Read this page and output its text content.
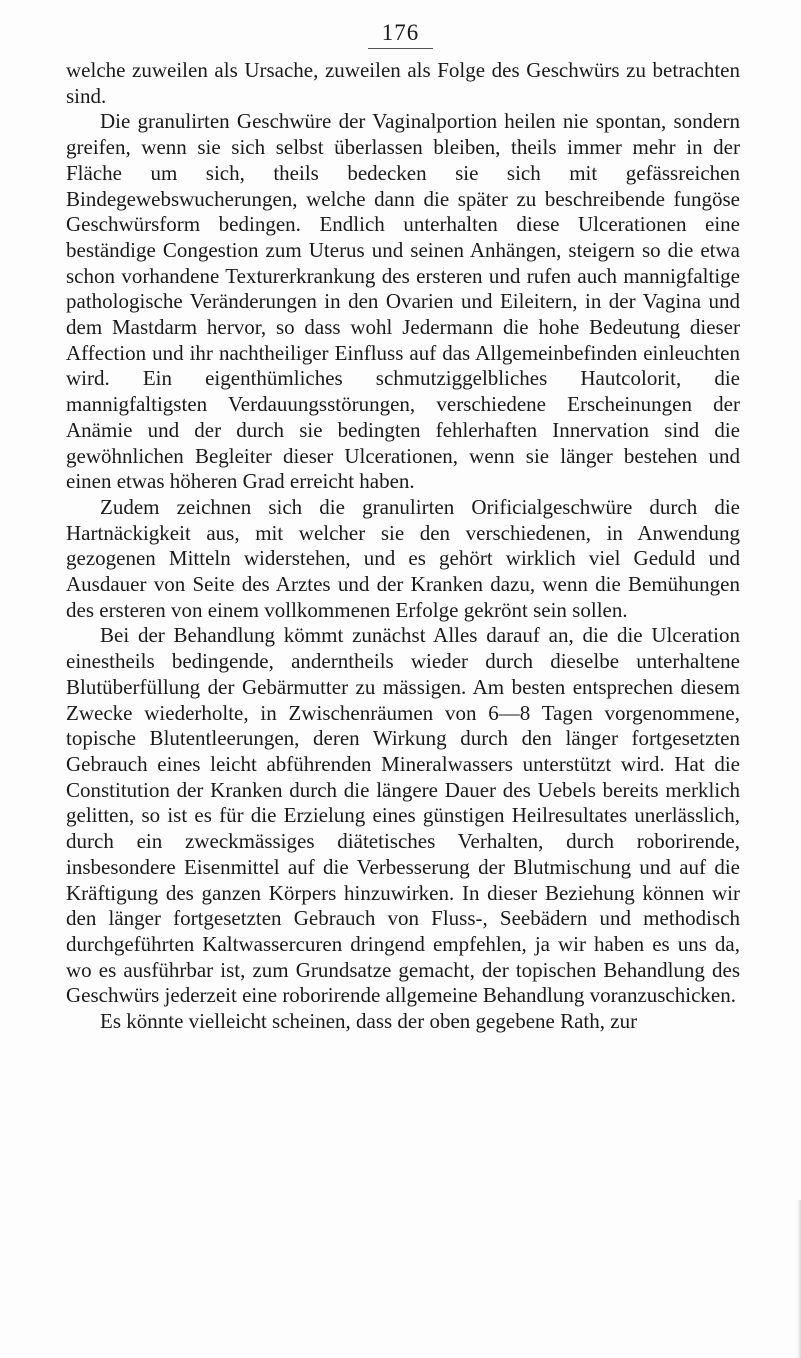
176

welche zuweilen als Ursache, zuweilen als Folge des Geschwürs zu betrachten sind.

Die granulirten Geschwüre der Vaginalportion heilen nie spontan, sondern greifen, wenn sie sich selbst überlassen bleiben, theils immer mehr in der Fläche um sich, theils bedecken sie sich mit gefässreichen Bindegewebswucherungen, welche dann die später zu beschreibende fungöse Geschwürsform bedingen. Endlich unterhalten diese Ulcerationen eine beständige Congestion zum Uterus und seinen Anhängen, steigern so die etwa schon vorhandene Texturerkrankung des ersteren und rufen auch mannigfaltige pathologische Veränderungen in den Ovarien und Eileitern, in der Vagina und dem Mastdarm hervor, so dass wohl Jedermann die hohe Bedeutung dieser Affection und ihr nachtheiliger Einfluss auf das Allgemeinbefinden einleuchten wird. Ein eigenthümliches schmutziggelbliches Hautcolorit, die mannigfaltigsten Verdauungsstörungen, verschiedene Erscheinungen der Anämie und der durch sie bedingten fehlerhaften Innervation sind die gewöhnlichen Begleiter dieser Ulcerationen, wenn sie länger bestehen und einen etwas höheren Grad erreicht haben.

Zudem zeichnen sich die granulirten Orificialgeschwüre durch die Hartnäckigkeit aus, mit welcher sie den verschiedenen, in Anwendung gezogenen Mitteln widerstehen, und es gehört wirklich viel Geduld und Ausdauer von Seite des Arztes und der Kranken dazu, wenn die Bemühungen des ersteren von einem vollkommenen Erfolge gekrönt sein sollen.

Bei der Behandlung kömmt zunächst Alles darauf an, die die Ulceration einestheils bedingende, anderntheils wieder durch dieselbe unterhaltene Blutüberfüllung der Gebärmutter zu mässigen. Am besten entsprechen diesem Zwecke wiederholte, in Zwischenräumen von 6—8 Tagen vorgenommene, topische Blutentleerungen, deren Wirkung durch den länger fortgesetzten Gebrauch eines leicht abführenden Mineralwassers unterstützt wird. Hat die Constitution der Kranken durch die längere Dauer des Uebels bereits merklich gelitten, so ist es für die Erzielung eines günstigen Heilresultates unerlässlich, durch ein zweckmässiges diätetisches Verhalten, durch roborirende, insbesondere Eisenmittel auf die Verbesserung der Blutmischung und auf die Kräftigung des ganzen Körpers hinzuwirken. In dieser Beziehung können wir den länger fortgesetzten Gebrauch von Fluss-, Seebädern und methodisch durchgeführten Kaltwassercuren dringend empfehlen, ja wir haben es uns da, wo es ausführbar ist, zum Grundsatze gemacht, der topischen Behandlung des Geschwürs jederzeit eine roborirende allgemeine Behandlung voranzuschicken.

Es könnte vielleicht scheinen, dass der oben gegebene Rath, zur
